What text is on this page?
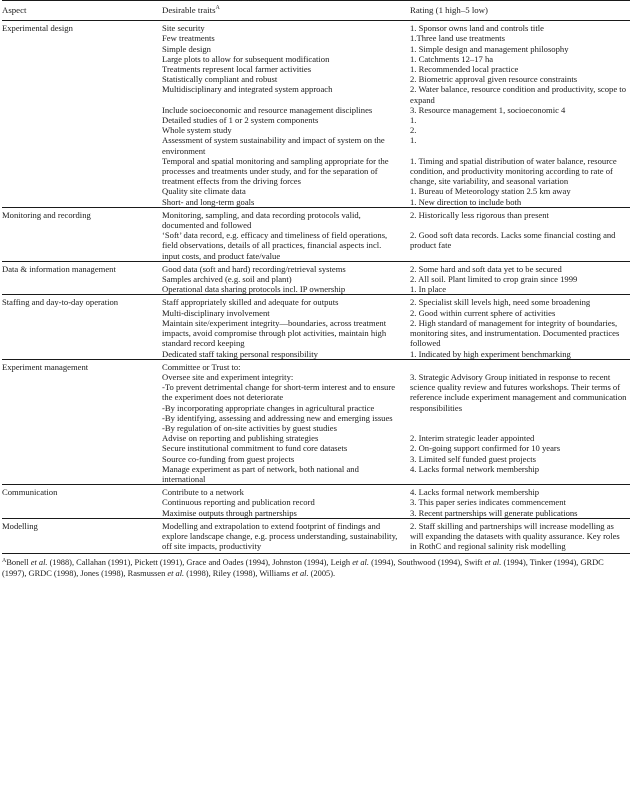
Aspect	Desirable traits$^A$	Rating (1 high–5 low)
Experimental design	Site security	1. Sponsor owns land and controls title
	Few treatments	1.Three land use treatments
	Simple design	1. Simple design and management philosophy
	Large plots to allow for subsequent modification	1. Catchments 12–17 ha
	Treatments represent local farmer activities	1. Recommended local practice
	Statistically compliant and robust	2. Biometric approval given resource constraints
	Multidisciplinary and integrated system approach	2. Water balance, resource condition and productivity, scope to expand
	Include socioeconomic and resource management disciplines	3. Resource management 1, socioeconomic 4
	Detailed studies of 1 or 2 system components	1.
	Whole system study	2.
	Assessment of system sustainability and impact of system on the environment	1.
	Temporal and spatial monitoring and sampling appropriate for the processes and treatments under study, and for the separation of treatment effects from the driving forces	1. Timing and spatial distribution of water balance, resource condition, and productivity monitoring according to rate of change, site variability, and seasonal variation
	Quality site climate data	1. Bureau of Meteorology station 2.5 km away
	Short- and long-term goals	1. New direction to include both
Monitoring and recording	Monitoring, sampling, and data recording protocols valid, documented and followed	2. Historically less rigorous than present
	‘Soft’ data record, e.g. efficacy and timeliness of field operations, field observations, details of all practices, financial aspects incl. input costs, and product fate/value	2. Good soft data records. Lacks some financial costing and product fate
Data & information management	Good data (soft and hard) recording/retrieval systems	2. Some hard and soft data yet to be secured
	Samples archived (e.g. soil and plant)	2. All soil. Plant limited to crop grain since 1999
	Operational data sharing protocols incl. IP ownership	1. In place
Staffing and day-to-day operation	Staff appropriately skilled and adequate for outputs	2. Specialist skill levels high, need some broadening
	Multi-disciplinary involvement	2. Good within current sphere of activities
	Maintain site/experiment integrity—boundaries, across treatment impacts, avoid compromise through plot activities, maintain high standard record keeping	2. High standard of management for integrity of boundaries, monitoring sites, and instrumentation. Documented practices followed
	Dedicated staff taking personal responsibility	1. Indicated by high experiment benchmarking
Experiment management	Committee or Trust to:	
	Oversee site and experiment integrity:
-To prevent detrimental change for short-term interest and to ensure the experiment does not deteriorate
-By incorporating appropriate changes in agricultural practice
-By identifying, assessing and addressing new and emerging issues
-By regulation of on-site activities by guest studies	3. Strategic Advisory Group initiated in response to recent science quality review and futures workshops. Their terms of reference include experiment management and communication responsibilities
	Advise on reporting and publishing strategies	2. Interim strategic leader appointed
	Secure institutional commitment to fund core datasets	2. On-going support confirmed for 10 years
	Source co-funding from guest projects	3. Limited self funded guest projects
	Manage experiment as part of network, both national and international	4. Lacks formal network membership
Communication	Contribute to a network	4. Lacks formal network membership
	Continuous reporting and publication record	3. This paper series indicates commencement
	Maximise outputs through partnerships	3. Recent partnerships will generate publications
Modelling	Modelling and extrapolation to extend footprint of findings and explore landscape change, e.g. process understanding, sustainability, off site impacts, productivity	2. Staff skilling and partnerships will increase modelling as will expanding the datasets with quality assurance. Key roles in RothC and regional salinity risk modelling
$^A$Bonell et al. (1988), Callahan (1991), Pickett (1991), Grace and Oades (1994), Johnston (1994), Leigh et al. (1994), Southwood (1994), Swift et al. (1994), Tinker (1994), GRDC (1997), GRDC (1998), Jones (1998), Rasmussen et al. (1998), Riley (1998), Williams et al. (2005).
